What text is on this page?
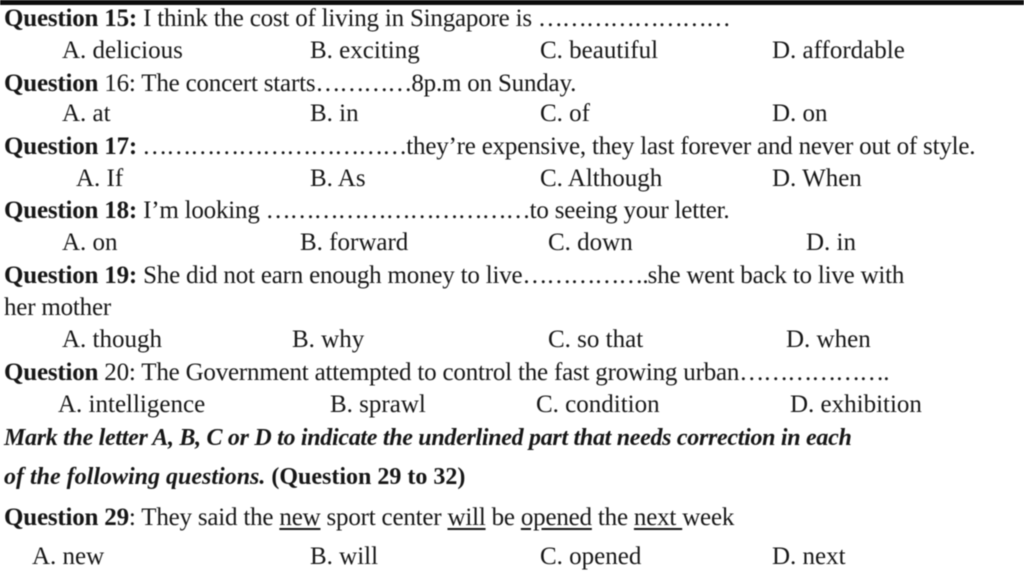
Question 15: I think the cost of living in Singapore is ……………………
A. delicious	B. exciting	C. beautiful	D. affordable
Question 16: The concert starts…………8p.m on Sunday.
A. at	B. in	C. of	D. on
Question 17: ……………………………they’re expensive, they last forever and never out of style.
A. If	B. As	C. Although	D. When
Question 18: I’m looking ……………………………to seeing your letter.
A. on	B. forward	C. down	D. in
Question 19: She did not earn enough money to live…………….she went back to live with
her mother
A. though	B. why	C. so that	D. when
Question 20: The Government attempted to control the fast growing urban……………….
A. intelligence	B. sprawl	C. condition	D. exhibition
Mark the letter A, B, C or D to indicate the underlined part that needs correction in each
of the following questions. (Question 29 to 32)
Question 29: They said the new sport center will be opened the next week
A. new	B. will	C. opened	D. next
